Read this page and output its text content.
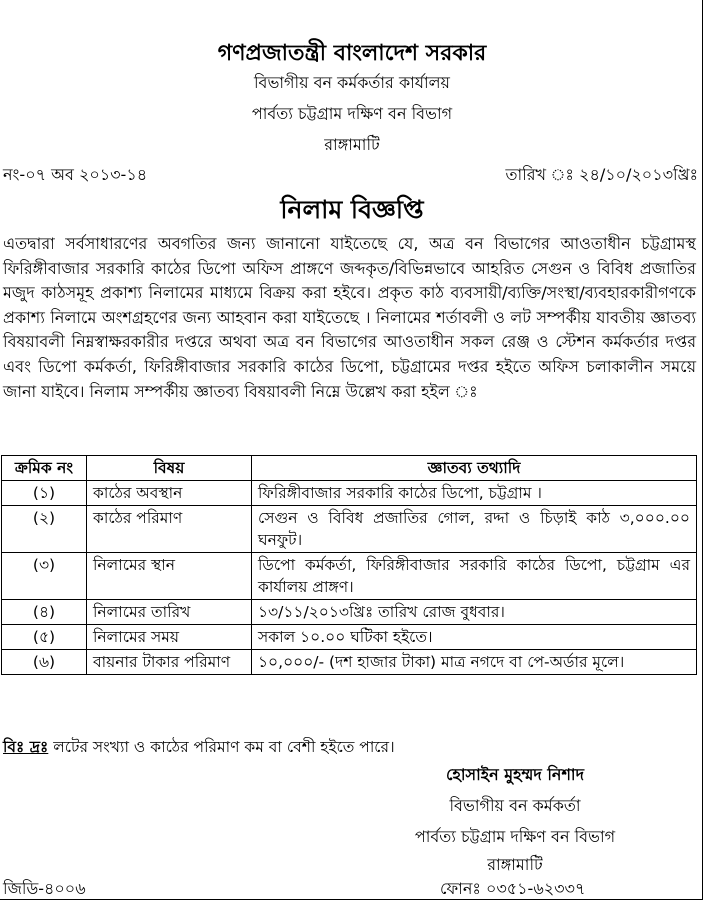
গণপ্রজাতন্ত্রী বাংলাদেশ সরকার
বিভাগীয় বন কর্মকর্তার কার্যালয়
পার্বত্য চট্টগ্রাম দক্ষিণ বন বিভাগ
রাঙ্গামাটি
নং-০৭ অব ২০১৩-১৪	তারিখ ঃ ২৪/১০/২০১৩খ্রিঃ
নিলাম বিজ্ঞপ্তি
এতদ্বারা সর্বসাধারণের অবগতির জন্য জানানো যাইতেছে যে, অত্র বন বিভাগের আওতাধীন চট্টগ্রামস্থ ফিরিঙ্গীবাজার সরকারি কাঠের ডিপো অফিস প্রাঙ্গণে জব্দকৃত/বিভিন্নভাবে আহরিত সেগুন ও বিবিধ প্রজাতির মজুদ কাঠসমূহ প্রকাশ্য নিলামের মাধ্যমে বিক্রয় করা হইবে। প্রকৃত কাঠ ব্যবসায়ী/ব্যক্তি/সংস্থা/ব্যবহারকারীগণকে প্রকাশ্য নিলামে অংশগ্রহণের জন্য আহবান করা যাইতেছে । নিলামের শর্তাবলী ও লট সম্পর্কীয় যাবতীয় জ্ঞাতব্য বিষয়াবলী নিম্নস্বাক্ষরকারীর দপ্তরে অথবা অত্র বন বিভাগের আওতাধীন সকল রেঞ্জ ও স্টেশন কর্মকর্তার দপ্তর এবং ডিপো কর্মকর্তা, ফিরিঙ্গীবাজার সরকারি কাঠের ডিপো, চট্টগ্রামের দপ্তর হইতে অফিস চলাকালীন সময়ে জানা যাইবে। নিলাম সম্পর্কীয় জ্ঞাতব্য বিষয়াবলী নিম্নে উল্লেখ করা হইল ঃ
ক্রমিক নং	বিষয়	জ্ঞাতব্য তথ্যাদি
(১)	কাঠের অবস্থান	ফিরিঙ্গীবাজার সরকারি কাঠের ডিপো, চট্টগ্রাম ।
(২)	কাঠের পরিমাণ	সেগুন ও বিবিধ প্রজাতির গোল, রদ্দা ও চিড়াই কাঠ ৩,০০০.০০ ঘনফুট।
(৩)	নিলামের স্থান	ডিপো কর্মকর্তা, ফিরিঙ্গীবাজার সরকারি কাঠের ডিপো, চট্টগ্রাম এর কার্যালয় প্রাঙ্গণ।
(৪)	নিলামের তারিখ	১৩/১১/২০১৩খ্রিঃ তারিখ রোজ বুধবার।
(৫)	নিলামের সময়	সকাল ১০.০০ ঘটিকা হইতে।
(৬)	বায়নার টাকার পরিমাণ	১০,০০০/- (দশ হাজার টাকা) মাত্র নগদে বা পে-অর্ডার মূলে।
বিঃ দ্রঃ লটের সংখ্যা ও কাঠের পরিমাণ কম বা বেশী হইতে পারে।
হোসাইন মুহম্মদ নিশাদ
বিভাগীয় বন কর্মকর্তা
পার্বত্য চট্টগ্রাম দক্ষিণ বন বিভাগ
রাঙ্গামাটি
জিডি-৪০০৬	ফোনঃ ০৩৫১-৬২৩৩৭
